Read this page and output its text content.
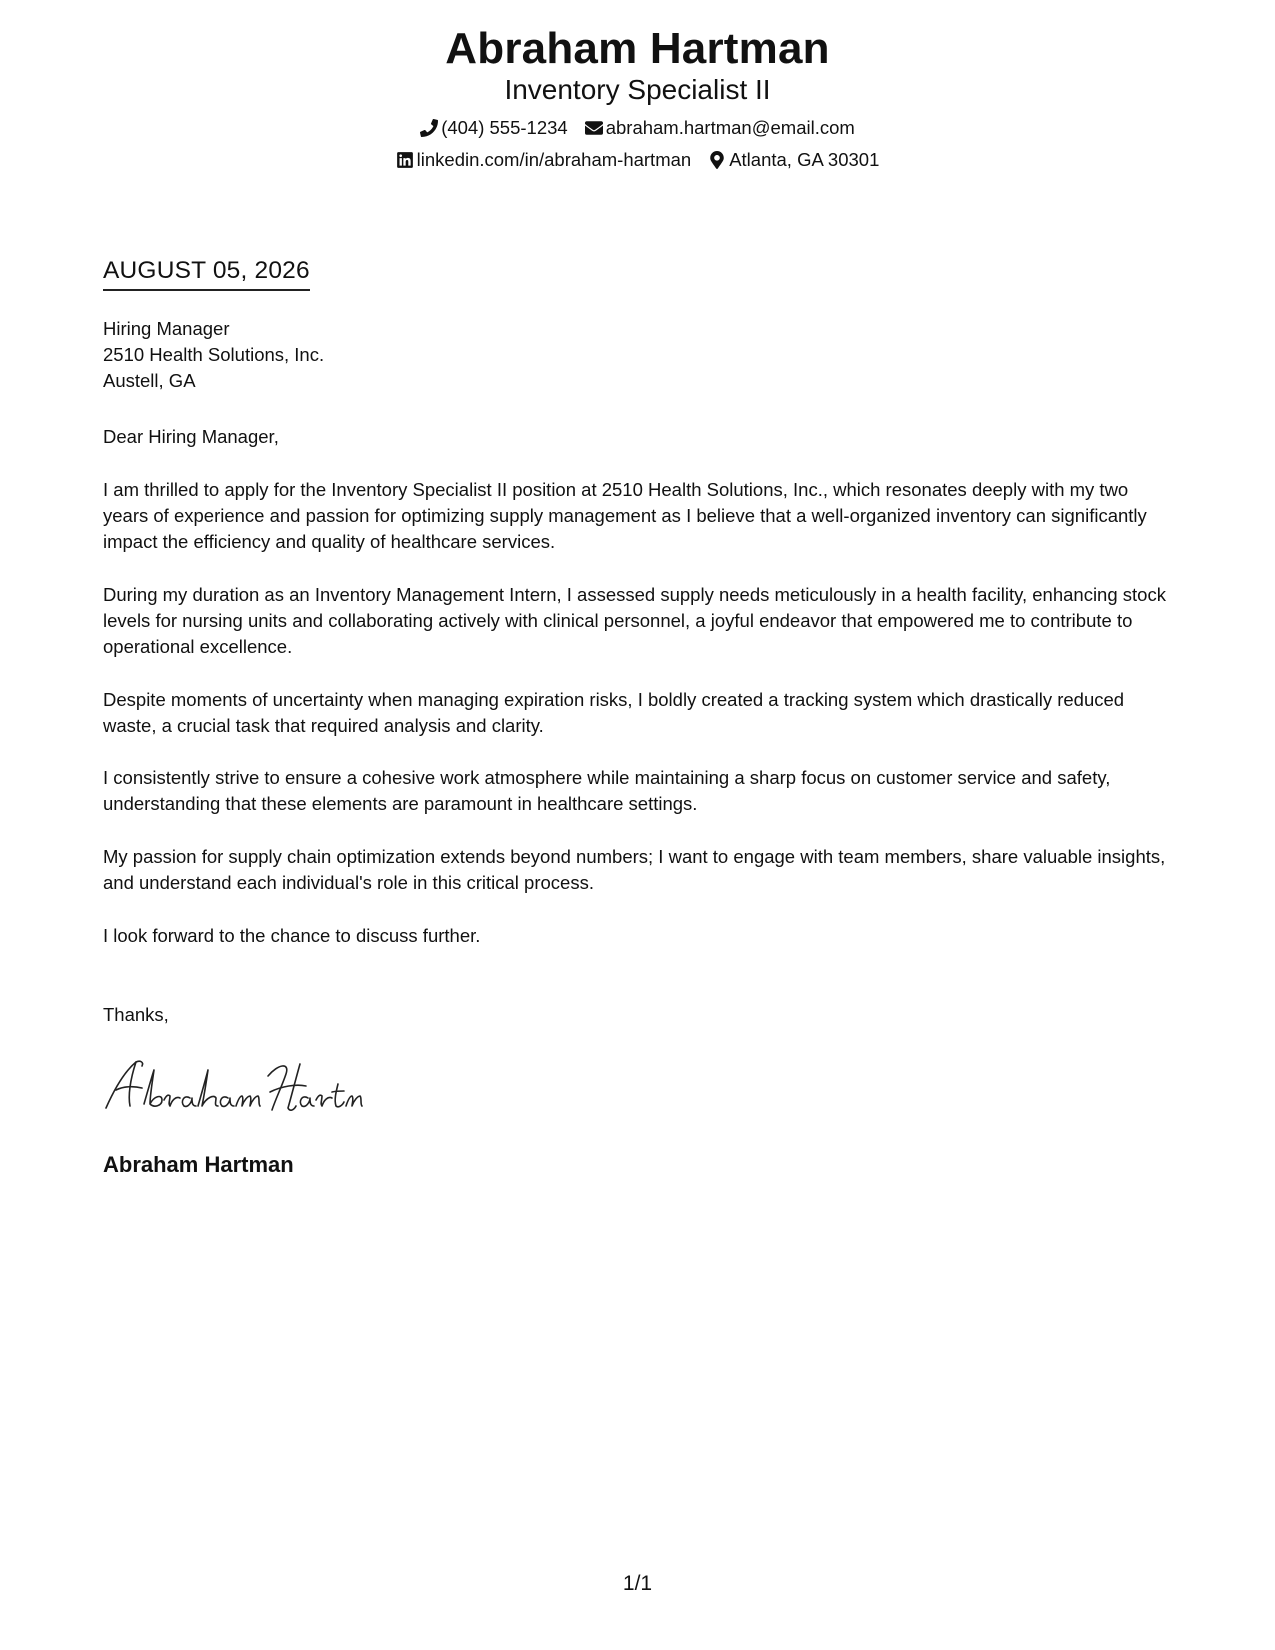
Abraham Hartman
Inventory Specialist II
(404) 555-1234 abraham.hartman@email.com
linkedin.com/in/abraham-hartman Atlanta, GA 30301
AUGUST 05, 2026
Hiring Manager
2510 Health Solutions, Inc.
Austell, GA
Dear Hiring Manager,
I am thrilled to apply for the Inventory Specialist II position at 2510 Health Solutions, Inc., which resonates deeply with my two years of experience and passion for optimizing supply management as I believe that a well-organized inventory can significantly impact the efficiency and quality of healthcare services.
During my duration as an Inventory Management Intern, I assessed supply needs meticulously in a health facility, enhancing stock levels for nursing units and collaborating actively with clinical personnel, a joyful endeavor that empowered me to contribute to operational excellence.
Despite moments of uncertainty when managing expiration risks, I boldly created a tracking system which drastically reduced waste, a crucial task that required analysis and clarity.
I consistently strive to ensure a cohesive work atmosphere while maintaining a sharp focus on customer service and safety, understanding that these elements are paramount in healthcare settings.
My passion for supply chain optimization extends beyond numbers; I want to engage with team members, share valuable insights, and understand each individual's role in this critical process.
I look forward to the chance to discuss further.
Thanks,
Abraham Hartman
1/1
